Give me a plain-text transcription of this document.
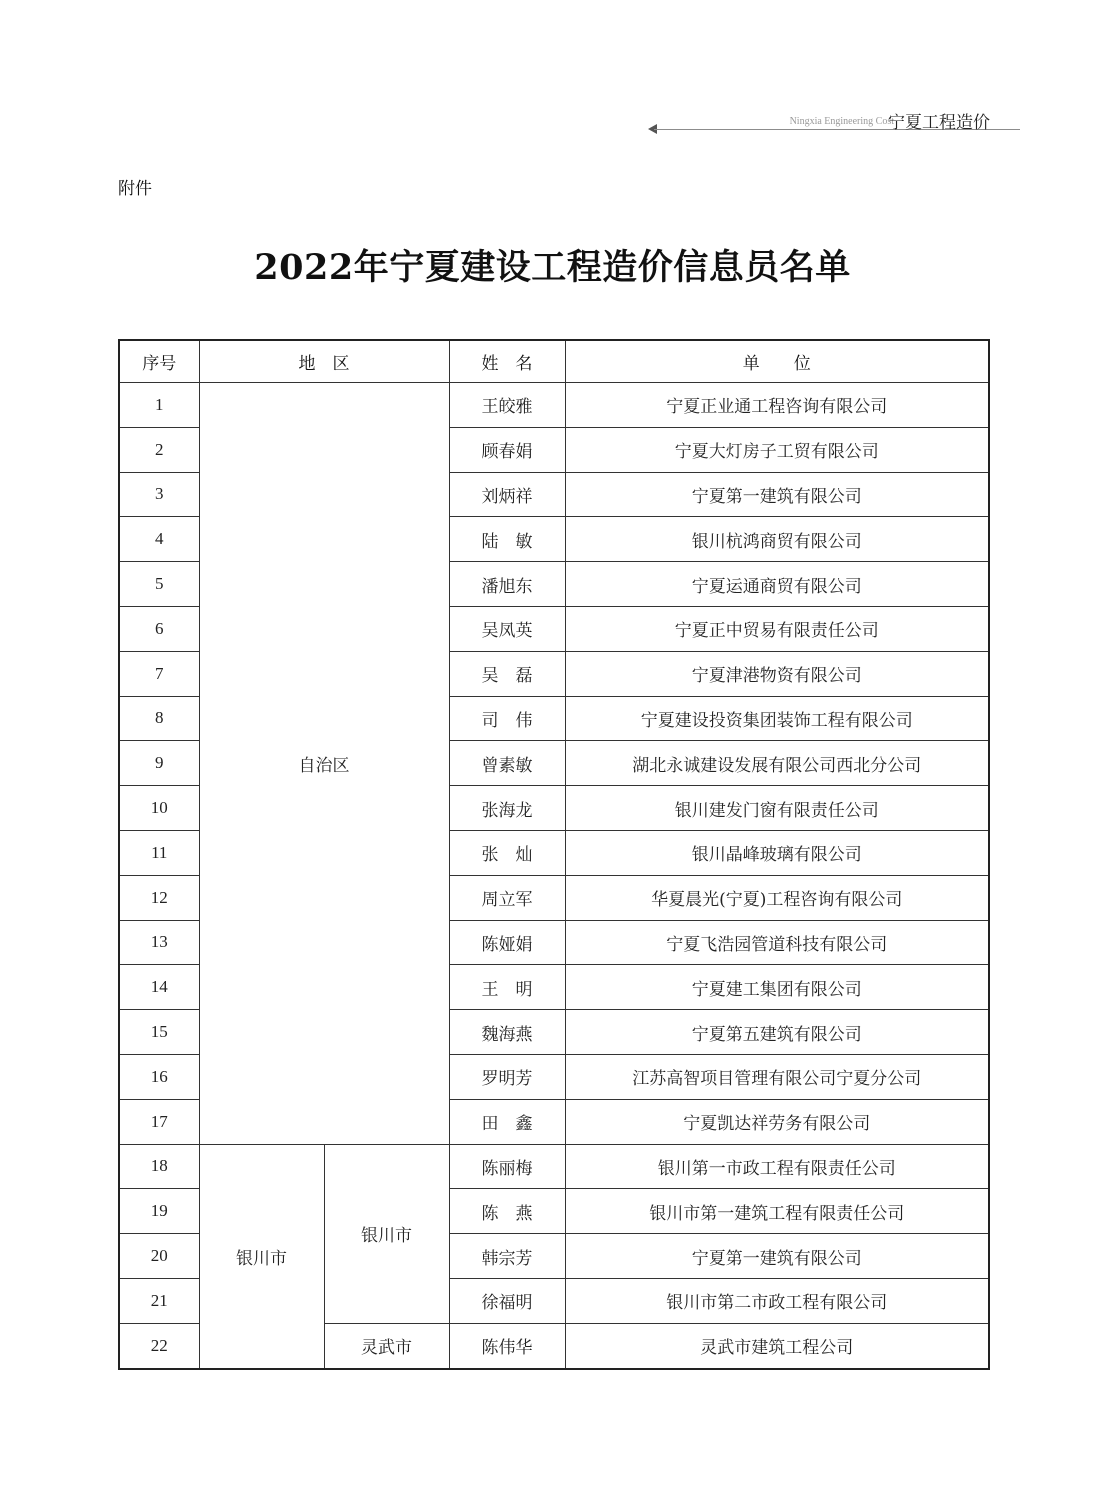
Ningxia Engineering Cost
宁夏工程造价
附件
2022年宁夏建设工程造价信息员名单
序号	地　区		姓　名	单　　位
1	自治区		王皎雅	宁夏正业通工程咨询有限公司
2			顾春娟	宁夏大灯房子工贸有限公司
3			刘炳祥	宁夏第一建筑有限公司
4			陆　敏	银川杭鸿商贸有限公司
5			潘旭东	宁夏运通商贸有限公司
6			吴凤英	宁夏正中贸易有限责任公司
7			吴　磊	宁夏津港物资有限公司
8			司　伟	宁夏建设投资集团装饰工程有限公司
9			曾素敏	湖北永诚建设发展有限公司西北分公司
10			张海龙	银川建发门窗有限责任公司
11			张　灿	银川晶峰玻璃有限公司
12			周立军	华夏晨光(宁夏)工程咨询有限公司
13			陈娅娟	宁夏飞浩园管道科技有限公司
14			王　明	宁夏建工集团有限公司
15			魏海燕	宁夏第五建筑有限公司
16			罗明芳	江苏高智项目管理有限公司宁夏分公司
17			田　鑫	宁夏凯达祥劳务有限公司
18	银川市	银川市	陈丽梅	银川第一市政工程有限责任公司
19			陈　燕	银川市第一建筑工程有限责任公司
20			韩宗芳	宁夏第一建筑有限公司
21			徐福明	银川市第二市政工程有限公司
22		灵武市	陈伟华	灵武市建筑工程公司
